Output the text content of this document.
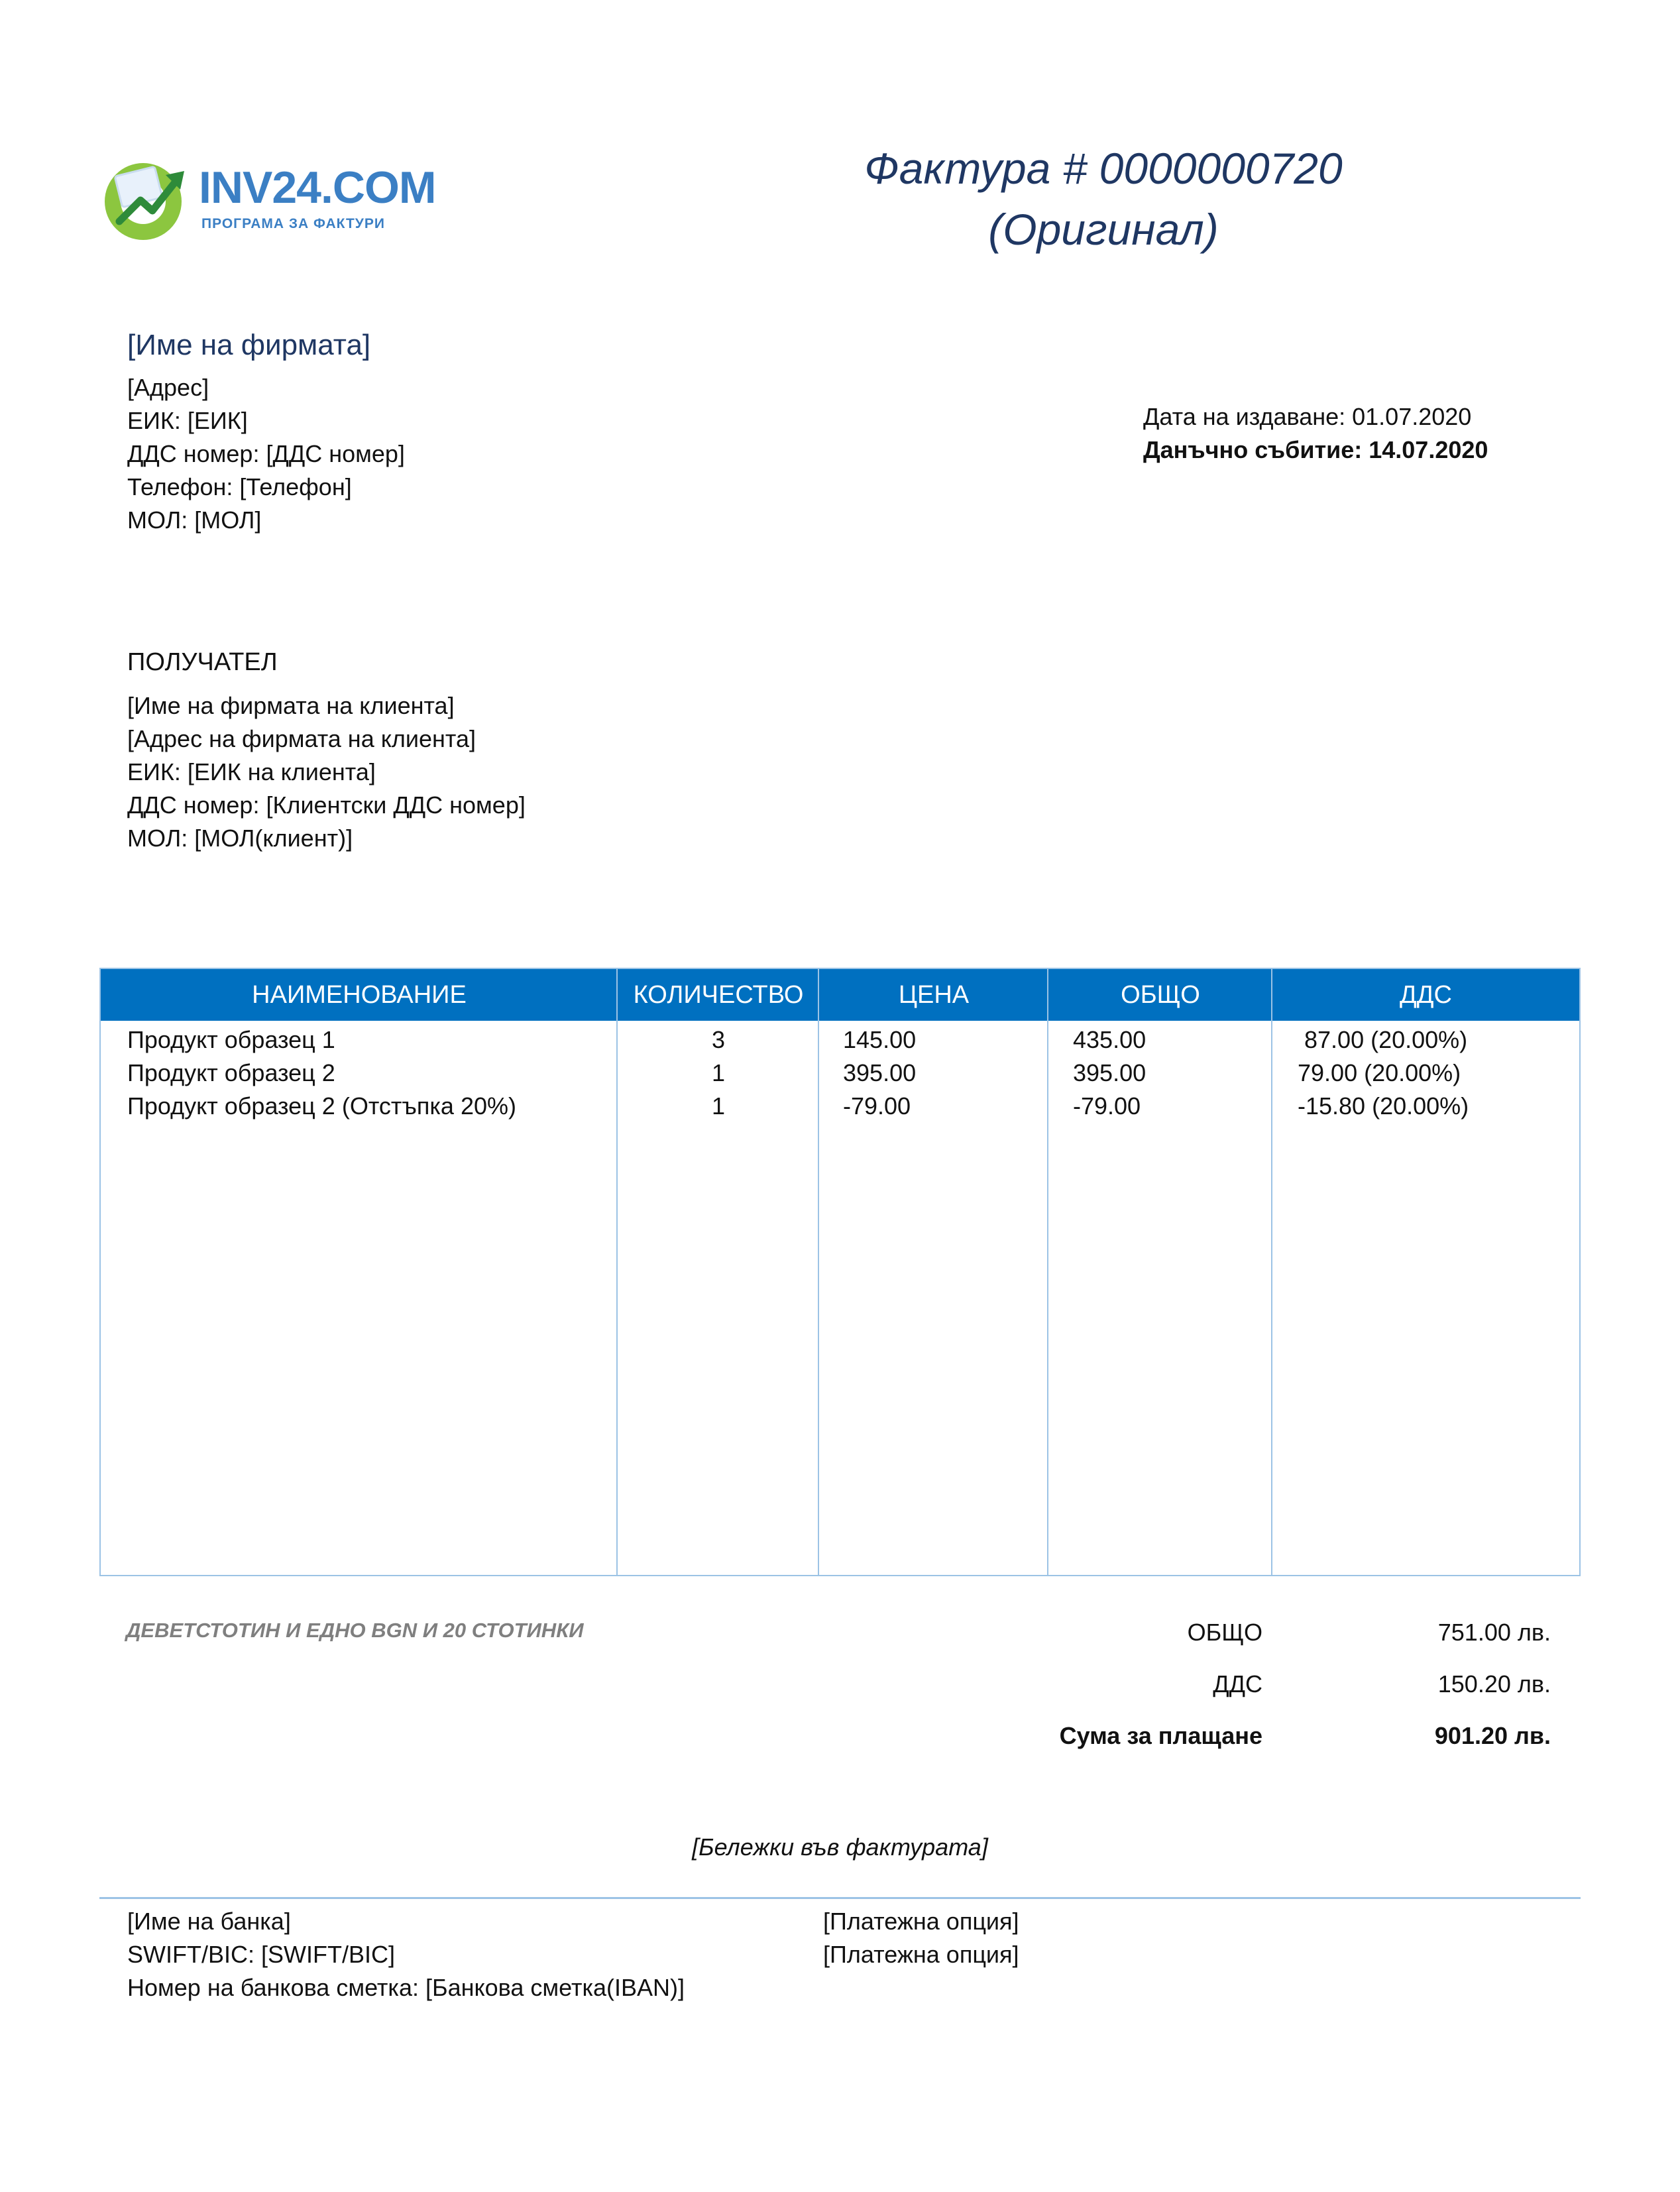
INV24.COM
ПРОГРАМА ЗА ФАКТУРИ
Фактура # 0000000720
(Оригинал)
[Име на фирмата]
[Адрес]
ЕИК: [ЕИК]
ДДС номер: [ДДС номер]
Телефон: [Телефон]
МОЛ: [МОЛ]
Дата на издаване: 01.07.2020
Данъчно събитие: 14.07.2020
ПОЛУЧАТЕЛ
[Име на фирмата на клиента]
[Адрес на фирмата на клиента]
ЕИК: [ЕИК на клиента]
ДДС номер: [Клиентски ДДС номер]
МОЛ: [МОЛ(клиент)]
НАИМЕНОВАНИЕ	КОЛИЧЕСТВО	ЦЕНА	ОБЩО	ДДС
Продукт образец 1	3	145.00	435.00	87.00 (20.00%)
Продукт образец 2	1	395.00	395.00	79.00 (20.00%)
Продукт образец 2 (Отстъпка 20%)	1	-79.00	-79.00	-15.80 (20.00%)
ДЕВЕТСТОТИН И ЕДНО BGN И 20 СТОТИНКИ	ОБЩО	751.00 лв.
ДДС	150.20 лв.
Сума за плащане	901.20 лв.
[Бележки във фактурата]
[Име на банка]
SWIFT/BIC: [SWIFT/BIC]
Номер на банкова сметка: [Банкова сметка(IBAN)]
[Платежна опция]
[Платежна опция]
